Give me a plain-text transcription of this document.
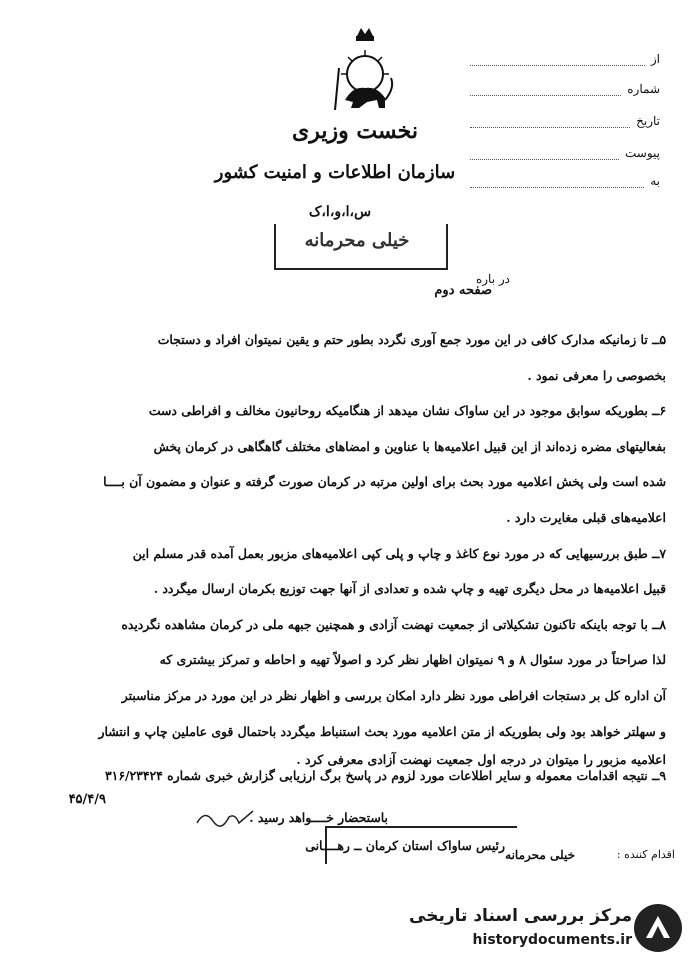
نخست وزیری
سازمان اطلاعات و امنیت کشور
س،ا،و،ا،ک
خیلی محرمانه
از
شماره
تاریخ
پیوست
به
در باره
صفحه دوم

۵ــ تا زمانیکه مدارک کافی در این مورد جمع آوری نگردد بطور حتم و یقین نمیتوان افراد و دستجات

بخصوصی را معرفی نمود .

۶ــ بطوریکه سوابق موجود در این ساواک نشان میدهد از هنگامیکه روحانیون مخالف و افراطی دست

بفعالیتهای مضره زده‌اند از این قبیل اعلامیه‌ها با عناوین و امضاهای مختلف گاهگاهی در کرمان پخش

شده است ولی پخش اعلامیه مورد بحث برای اولین مرتبه در کرمان صورت گرفته و عنوان و مضمون آن بــــا

اعلامیه‌های قبلی مغایرت دارد .

۷ــ طبق بررسیهایی که در مورد نوع کاغذ و چاپ و پلی کپی اعلامیه‌های مزبور بعمل آمده قدر مسلم این

قبیل اعلامیه‌ها در محل دیگری تهیه و چاپ شده و تعدادی از آنها جهت توزیع بکرمان ارسال میگردد .

۸ــ با توجه باینکه تاکنون تشکیلاتی از جمعیت نهضت آزادی و همچنین جبهه ملی در کرمان مشاهده نگردیده

لذا صراحتاً در مورد سئوال ۸ و ۹ نمیتوان اظهار نظر کرد و اصولاً تهیه و احاطه و تمرکز بیشتری که

آن اداره کل بر دستجات افراطی مورد نظر دارد امکان بررسی و اظهار نظر در این مورد در مرکز مناسبتر

و سهلتر خواهد بود ولی بطوریکه از متن اعلامیه مورد بحث استنباط میگردد باحتمال قوی عاملین چاپ و انتشار

اعلامیه مزبور را میتوان در درجه اول جمعیت نهضت آزادی معرفی کرد .
۹ــ نتیجه اقدامات معموله و سایر اطلاعات مورد لزوم در پاسخ برگ ارزیابی گزارش خبری شماره ۳۱۶/۲۳۴۲۴
۴۵/۴/۹
باستحضار خــــواهد رسید .
رئیس ساواک استان کرمان ــ رهــــانی
خیلی محرمانه	اقدام کننده :
مرکز بررسی اسناد تاریخی
historydocuments.ir
